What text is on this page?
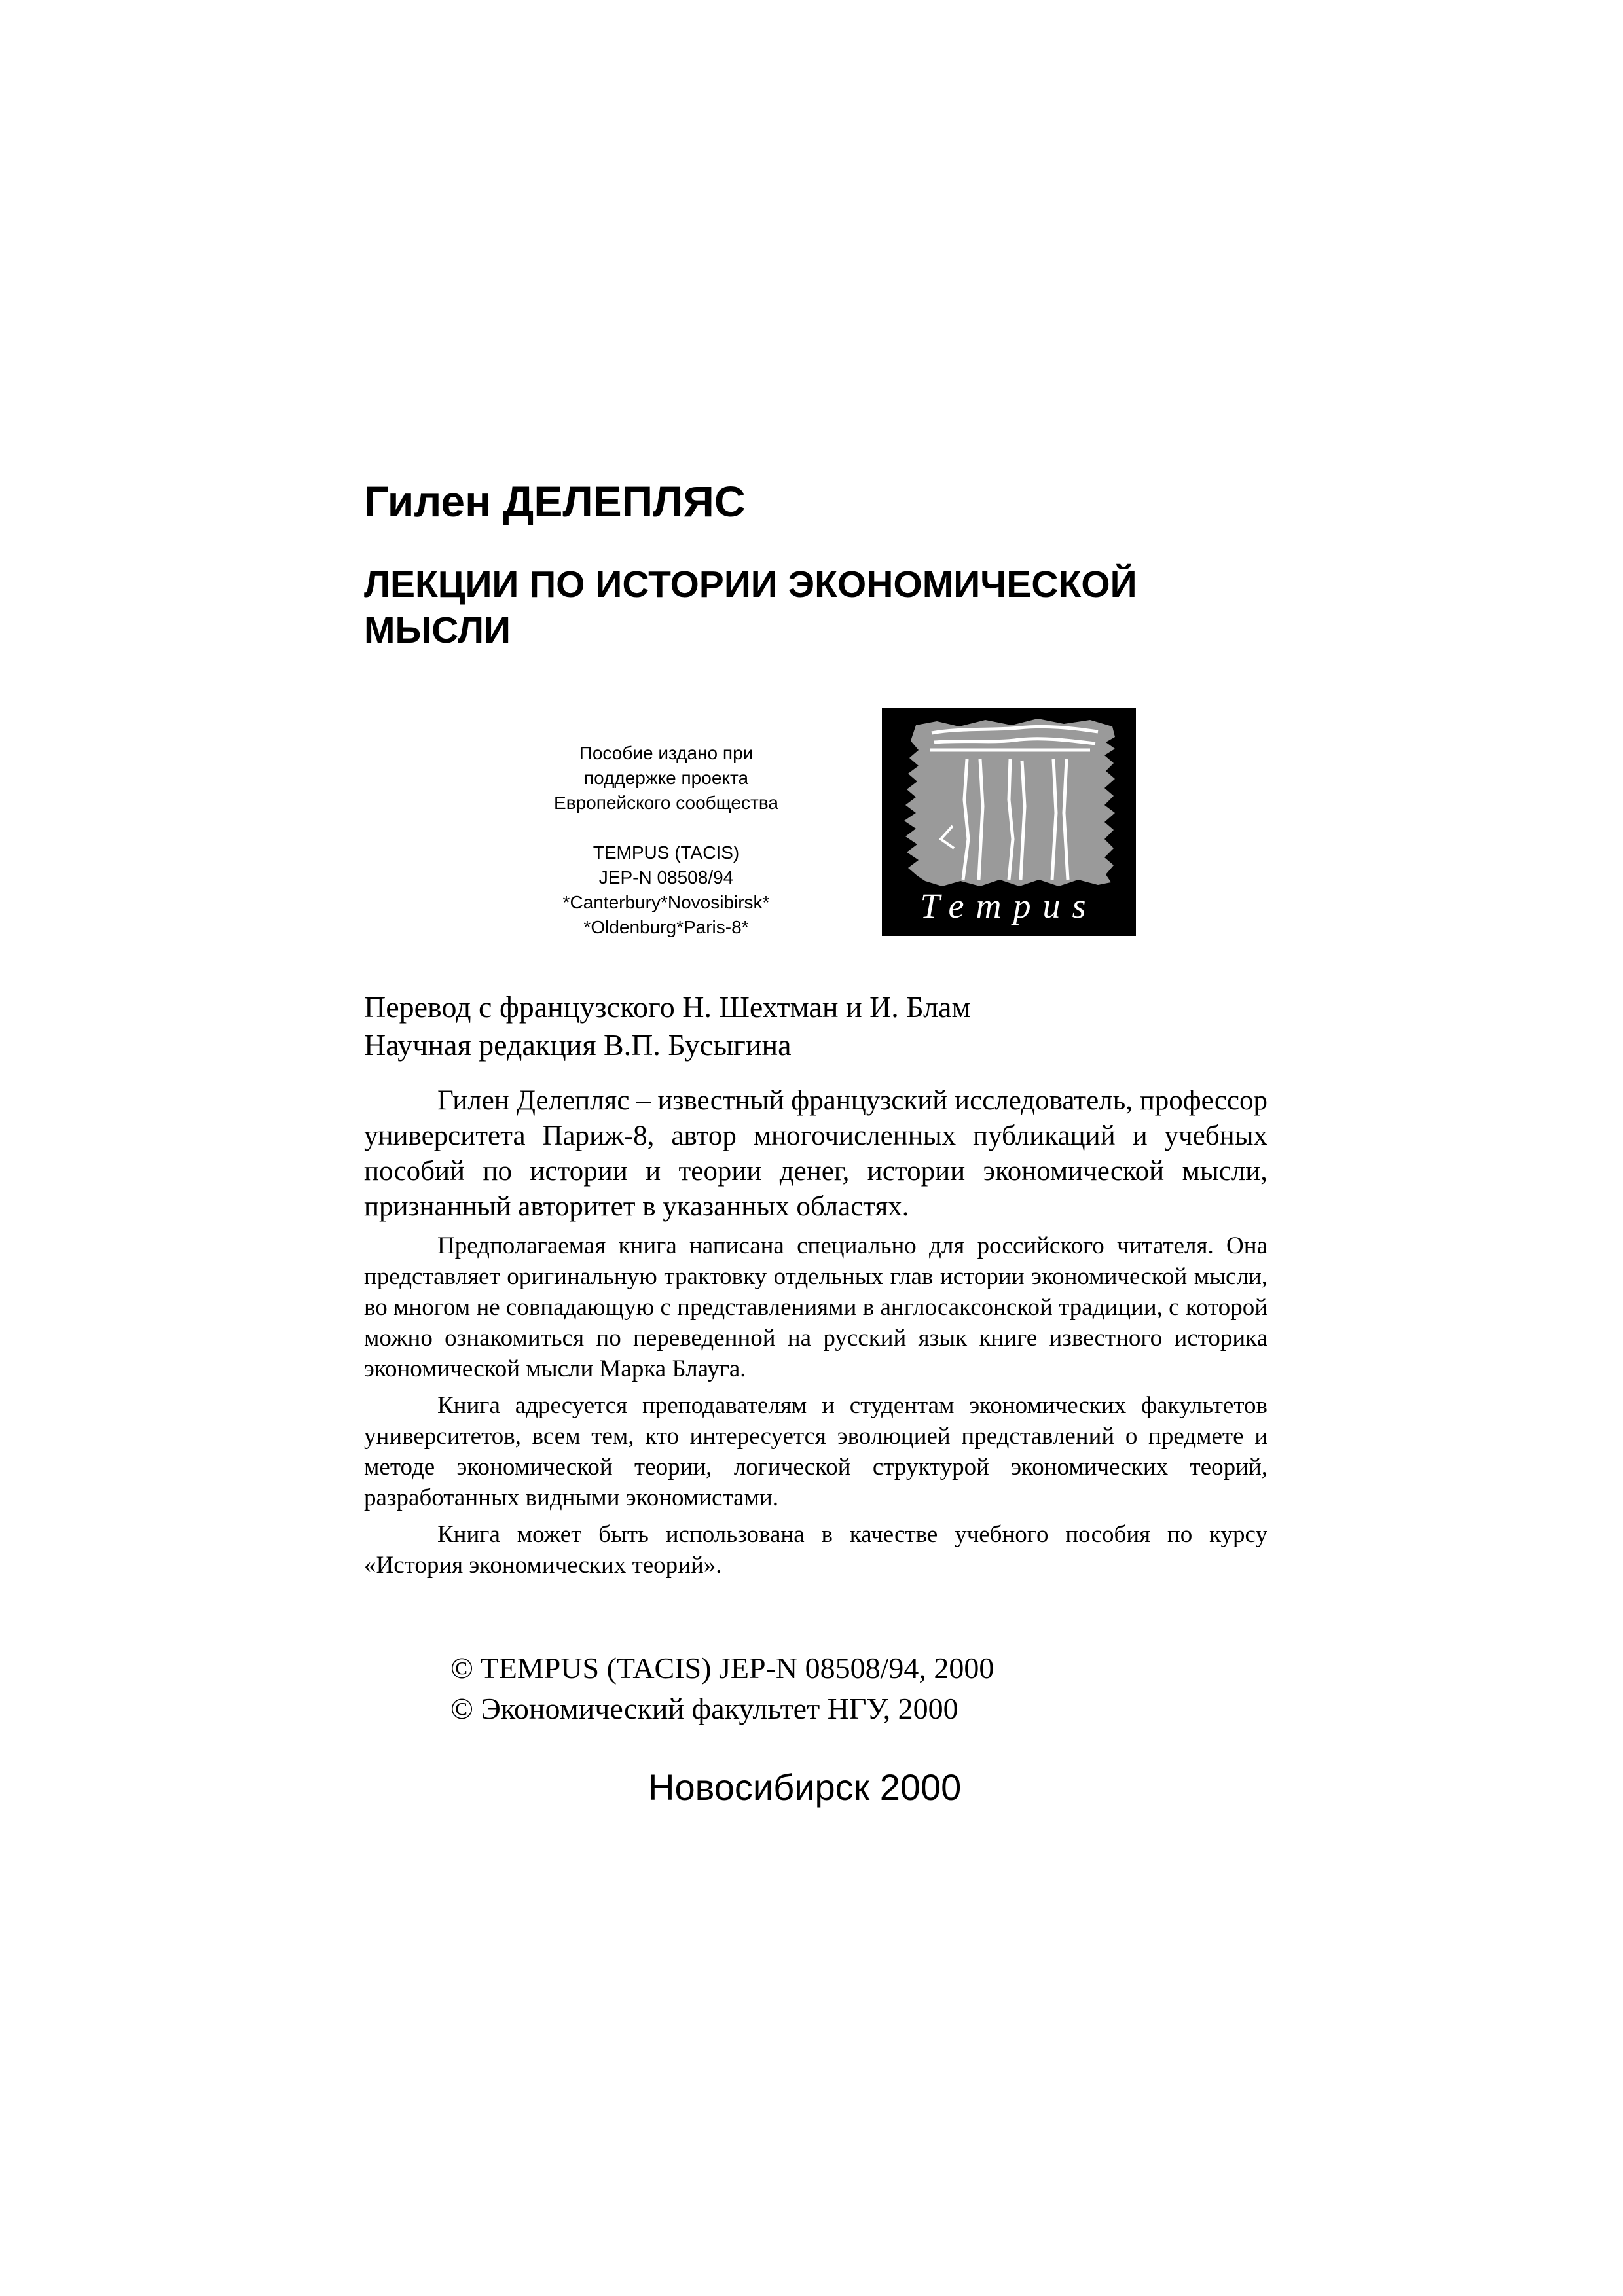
Гилен ДЕЛЕПЛЯС
ЛЕКЦИИ ПО ИСТОРИИ ЭКОНОМИЧЕСКОЙ МЫСЛИ
Пособие издано при
поддержке проекта
Европейского сообщества
TEMPUS (TACIS)
JEP-N 08508/94
*Canterbury*Novosibirsk*
*Oldenburg*Paris-8*
Tempus
Перевод с французского Н. Шехтман и И. Блам
Научная редакция В.П. Бусыгина

Гилен Делепляс – известный французский исследователь, профессор университета Париж-8, автор многочисленных публикаций и учебных пособий по истории и теории денег, истории экономической мысли, признанный авторитет в указанных областях.

Предполагаемая книга написана специально для российского читателя. Она представляет оригинальную трактовку отдельных глав истории экономической мысли, во многом не совпадающую с представлениями в англосаксонской традиции, с которой можно ознакомиться по переведенной на русский язык книге известного историка экономической мысли Марка Блауга.

Книга адресуется преподавателям и студентам экономических факультетов университетов, всем тем, кто интересуется эволюцией представлений о предмете и методе экономической теории, логической структурой экономических теорий, разработанных видными экономистами.

Книга может быть использована в качестве учебного пособия по курсу «История экономических теорий».

© TEMPUS (TACIS) JEP-N 08508/94, 2000
© Экономический факультет НГУ, 2000
Новосибирск 2000
